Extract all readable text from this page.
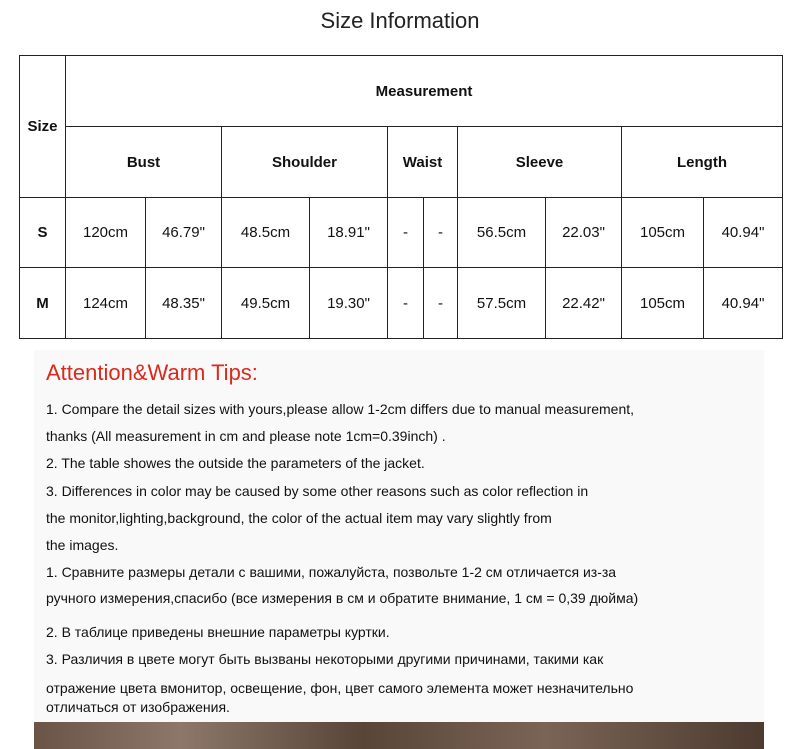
Size Information
Size	Measurement									
	Bust		Shoulder		Waist		Sleeve		Length	
S	120cm	46.79"	48.5cm	18.91"	-	-	56.5cm	22.03"	105cm	40.94"
M	124cm	48.35"	49.5cm	19.30"	-	-	57.5cm	22.42"	105cm	40.94"
Attention&Warm Tips:
1. Compare the detail sizes with yours,please allow 1-2cm differs due to manual measurement,
thanks (All measurement in cm and please note 1cm=0.39inch) .
2. The table showes the outside the parameters of the jacket.
3. Differences in color may be caused by some other reasons such as color reflection in
the monitor,lighting,background, the color of the actual item may vary slightly from
the images.
1. Сравните размеры детали с вашими, пожалуйста, позвольте 1-2 см отличается из-за
ручного измерения,спасибо (все измерения в см и обратите внимание, 1 см = 0,39 дюйма)
2. В таблице приведены внешние параметры куртки.
3. Различия в цвете могут быть вызваны некоторыми другими причинами, такими как
отражение цвета вмонитор, освещение, фон, цвет самого элемента может незначительно
отличаться от изображения.
